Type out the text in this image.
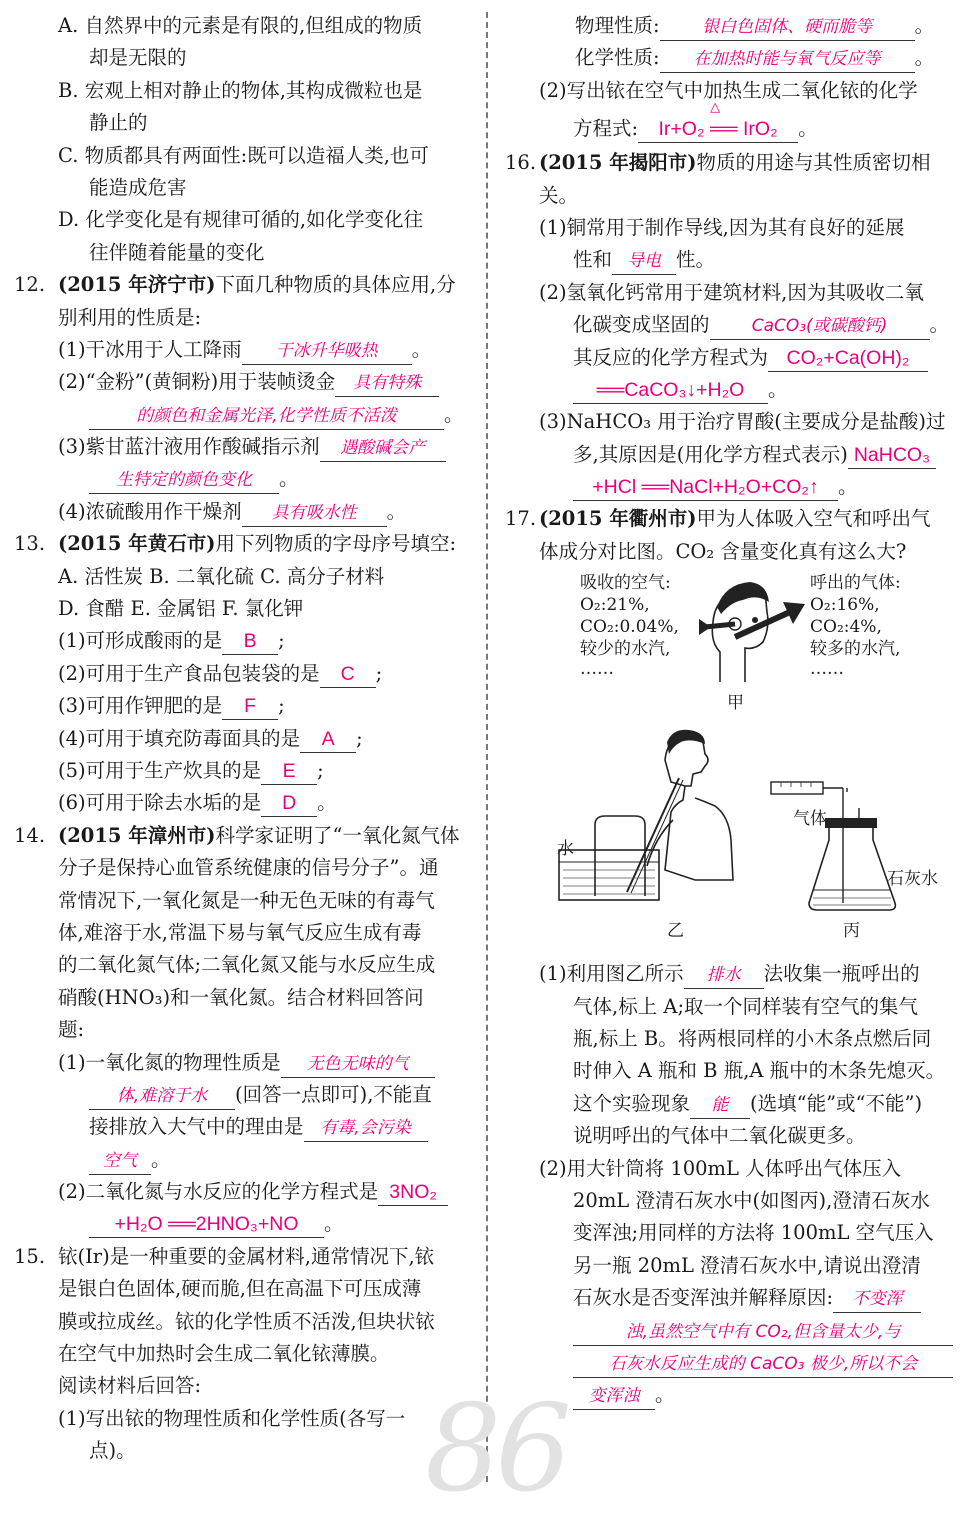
86
A. 自然界中的元素是有限的,但组成的物质
却是无限的
B. 宏观上相对静止的物体,其构成微粒也是
静止的
C. 物质都具有两面性:既可以造福人类,也可
能造成危害
D. 化学变化是有规律可循的,如化学变化往
往伴随着能量的变化
12. (2015 年济宁市)下面几种物质的具体应用,分
别利用的性质是:
(1)干冰用于人工降雨 干冰升华吸热 。
(2)“金粉”(黄铜粉)用于装帧烫金 具有特殊
的颜色和金属光泽,化学性质不活泼 。
(3)紫甘蓝汁液用作酸碱指示剂 遇酸碱会产
生特定的颜色变化 。
(4)浓硫酸用作干燥剂 具有吸水性 。
13. (2015 年黄石市)用下列物质的字母序号填空:
A. 活性炭 B. 二氧化硫 C. 高分子材料
D. 食醋 E. 金属铝 F. 氯化钾
(1)可形成酸雨的是 B ;
(2)可用于生产食品包装袋的是 C ;
(3)可用作钾肥的是 F ;
(4)可用于填充防毒面具的是 A ;
(5)可用于生产炊具的是 E ;
(6)可用于除去水垢的是 D 。
14. (2015 年漳州市)科学家证明了“一氧化氮气体
分子是保持心血管系统健康的信号分子”。通
常情况下,一氧化氮是一种无色无味的有毒气
体,难溶于水,常温下易与氧气反应生成有毒
的二氧化氮气体;二氧化氮又能与水反应生成
硝酸(HNO₃)和一氧化氮。结合材料回答问
题:
(1)一氧化氮的物理性质是 无色无味的气
体,难溶于水 (回答一点即可),不能直
接排放入大气中的理由是 有毒,会污染
空气 。
(2)二氧化氮与水反应的化学方程式是 3NO₂
+H₂O ══2HNO₃+NO 。
15. 铱(Ir)是一种重要的金属材料,通常情况下,铱
是银白色固体,硬而脆,但在高温下可压成薄
膜或拉成丝。铱的化学性质不活泼,但块状铱
在空气中加热时会生成二氧化铱薄膜。
阅读材料后回答:
(1)写出铱的物理性质和化学性质(各写一
点)。
物理性质:	银白色固体、硬而脆等 。
化学性质: 在加热时能与氧气反应等 。
(2)写出铱在空气中加热生成二氧化铱的化学
方程式:
△
Ir+O₂ ══ IrO₂ 。
16. (2015 年揭阳市)物质的用途与其性质密切相
关。
(1)铜常用于制作导线,因为其有良好的延展
性和 导电 性。
(2)氢氧化钙常用于建筑材料,因为其吸收二氧
化碳变成坚固的 CaCO₃(或碳酸钙) 。
其反应的化学方程式为 CO₂+Ca(OH)₂
══CaCO₃↓+H₂O 。
(3)NaHCO₃ 用于治疗胃酸(主要成分是盐酸)过
多,其原因是(用化学方程式表示) NaHCO₃
+HCl ══NaCl+H₂O+CO₂↑ 。
17. (2015 年衢州市)甲为人体吸入空气和呼出气
体成分对比图。CO₂ 含量变化真有这么大?
吸收的空气:
O₂:21%,
CO₂:0.04%,
较少的水汽,
……
呼出的气体:
O₂:16%,
CO₂:4%,
较多的水汽,
……
甲
水
乙
气体
石灰水
丙
(1)利用图乙所示 排水 法收集一瓶呼出的
气体,标上 A;取一个同样装有空气的集气
瓶,标上 B。将两根同样的小木条点燃后同
时伸入 A 瓶和 B 瓶,A 瓶中的木条先熄灭。
这个实验现象 能 (选填“能”或“不能”)
说明呼出的气体中二氧化碳更多。
(2)用大针筒将 100mL 人体呼出气体压入
20mL 澄清石灰水中(如图丙),澄清石灰水
变浑浊;用同样的方法将 100mL 空气压入
另一瓶 20mL 澄清石灰水中,请说出澄清
石灰水是否变浑浊并解释原因: 不变浑
浊,虽然空气中有 CO₂,但含量太少,与
石灰水反应生成的 CaCO₃ 极少,所以不会
变浑浊 。
